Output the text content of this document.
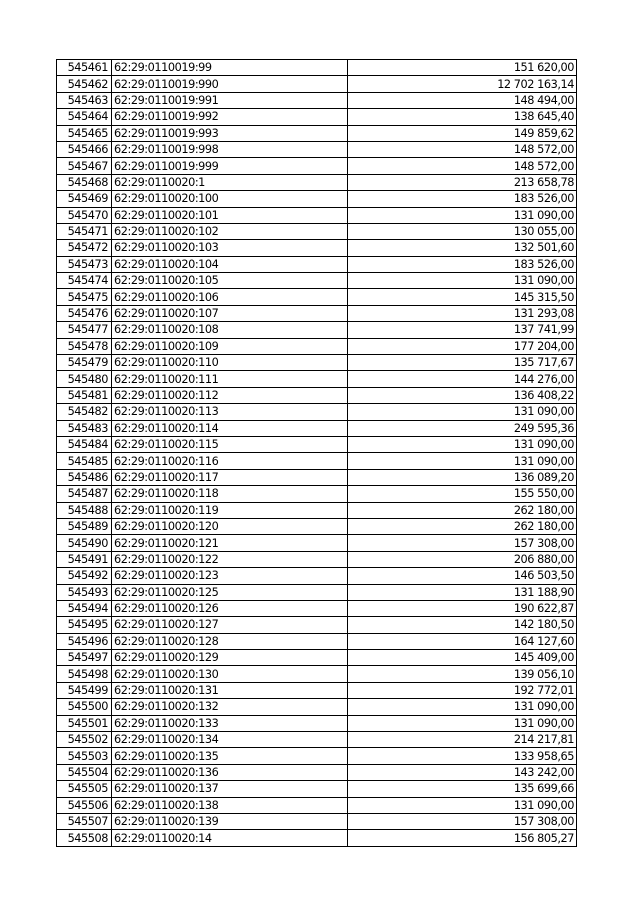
545461	62:29:0110019:99	151 620,00
545462	62:29:0110019:990	12 702 163,14
545463	62:29:0110019:991	148 494,00
545464	62:29:0110019:992	138 645,40
545465	62:29:0110019:993	149 859,62
545466	62:29:0110019:998	148 572,00
545467	62:29:0110019:999	148 572,00
545468	62:29:0110020:1	213 658,78
545469	62:29:0110020:100	183 526,00
545470	62:29:0110020:101	131 090,00
545471	62:29:0110020:102	130 055,00
545472	62:29:0110020:103	132 501,60
545473	62:29:0110020:104	183 526,00
545474	62:29:0110020:105	131 090,00
545475	62:29:0110020:106	145 315,50
545476	62:29:0110020:107	131 293,08
545477	62:29:0110020:108	137 741,99
545478	62:29:0110020:109	177 204,00
545479	62:29:0110020:110	135 717,67
545480	62:29:0110020:111	144 276,00
545481	62:29:0110020:112	136 408,22
545482	62:29:0110020:113	131 090,00
545483	62:29:0110020:114	249 595,36
545484	62:29:0110020:115	131 090,00
545485	62:29:0110020:116	131 090,00
545486	62:29:0110020:117	136 089,20
545487	62:29:0110020:118	155 550,00
545488	62:29:0110020:119	262 180,00
545489	62:29:0110020:120	262 180,00
545490	62:29:0110020:121	157 308,00
545491	62:29:0110020:122	206 880,00
545492	62:29:0110020:123	146 503,50
545493	62:29:0110020:125	131 188,90
545494	62:29:0110020:126	190 622,87
545495	62:29:0110020:127	142 180,50
545496	62:29:0110020:128	164 127,60
545497	62:29:0110020:129	145 409,00
545498	62:29:0110020:130	139 056,10
545499	62:29:0110020:131	192 772,01
545500	62:29:0110020:132	131 090,00
545501	62:29:0110020:133	131 090,00
545502	62:29:0110020:134	214 217,81
545503	62:29:0110020:135	133 958,65
545504	62:29:0110020:136	143 242,00
545505	62:29:0110020:137	135 699,66
545506	62:29:0110020:138	131 090,00
545507	62:29:0110020:139	157 308,00
545508	62:29:0110020:14	156 805,27
